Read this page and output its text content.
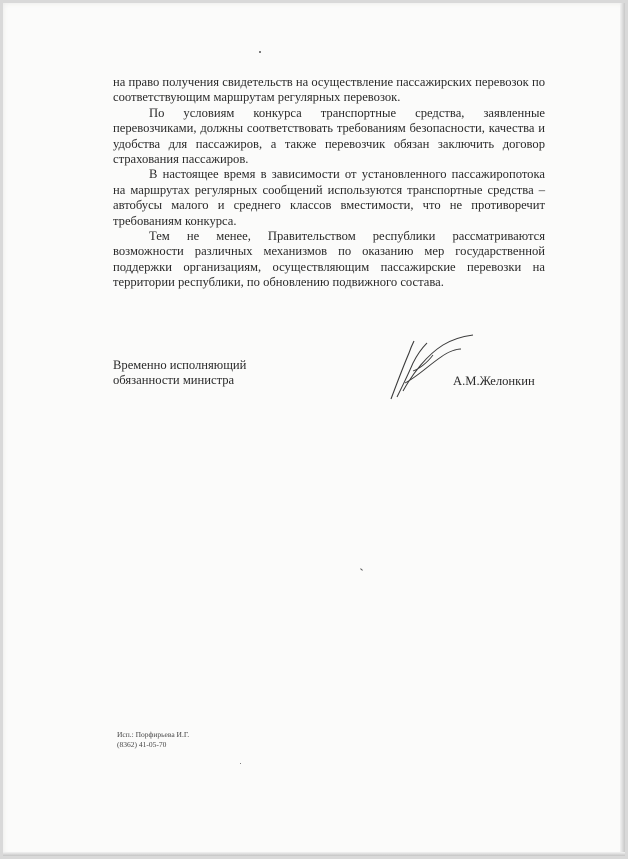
на право получения свидетельств на осуществление пассажирских перевозок по соответствующим маршрутам регулярных перевозок.

По условиям конкурса транспортные средства, заявленные перевозчиками, должны соответствовать требованиям безопасности, качества и удобства для пассажиров, а также перевозчик обязан заключить договор страхования пассажиров.

В настоящее время в зависимости от установленного пассажиропотока на маршрутах регулярных сообщений используются транспортные средства – автобусы малого и среднего классов вместимости, что не противоречит требованиям конкурса.

Тем не менее, Правительством республики рассматриваются возможности различных механизмов по оказанию мер государственной поддержки организациям, осуществляющим пассажирские перевозки на территории республики, по обновлению подвижного состава.

Временно исполняющий
обязанности министра	А.М.Желонкин
Исп.: Порфирьева И.Г.
(8362) 41-05-70
